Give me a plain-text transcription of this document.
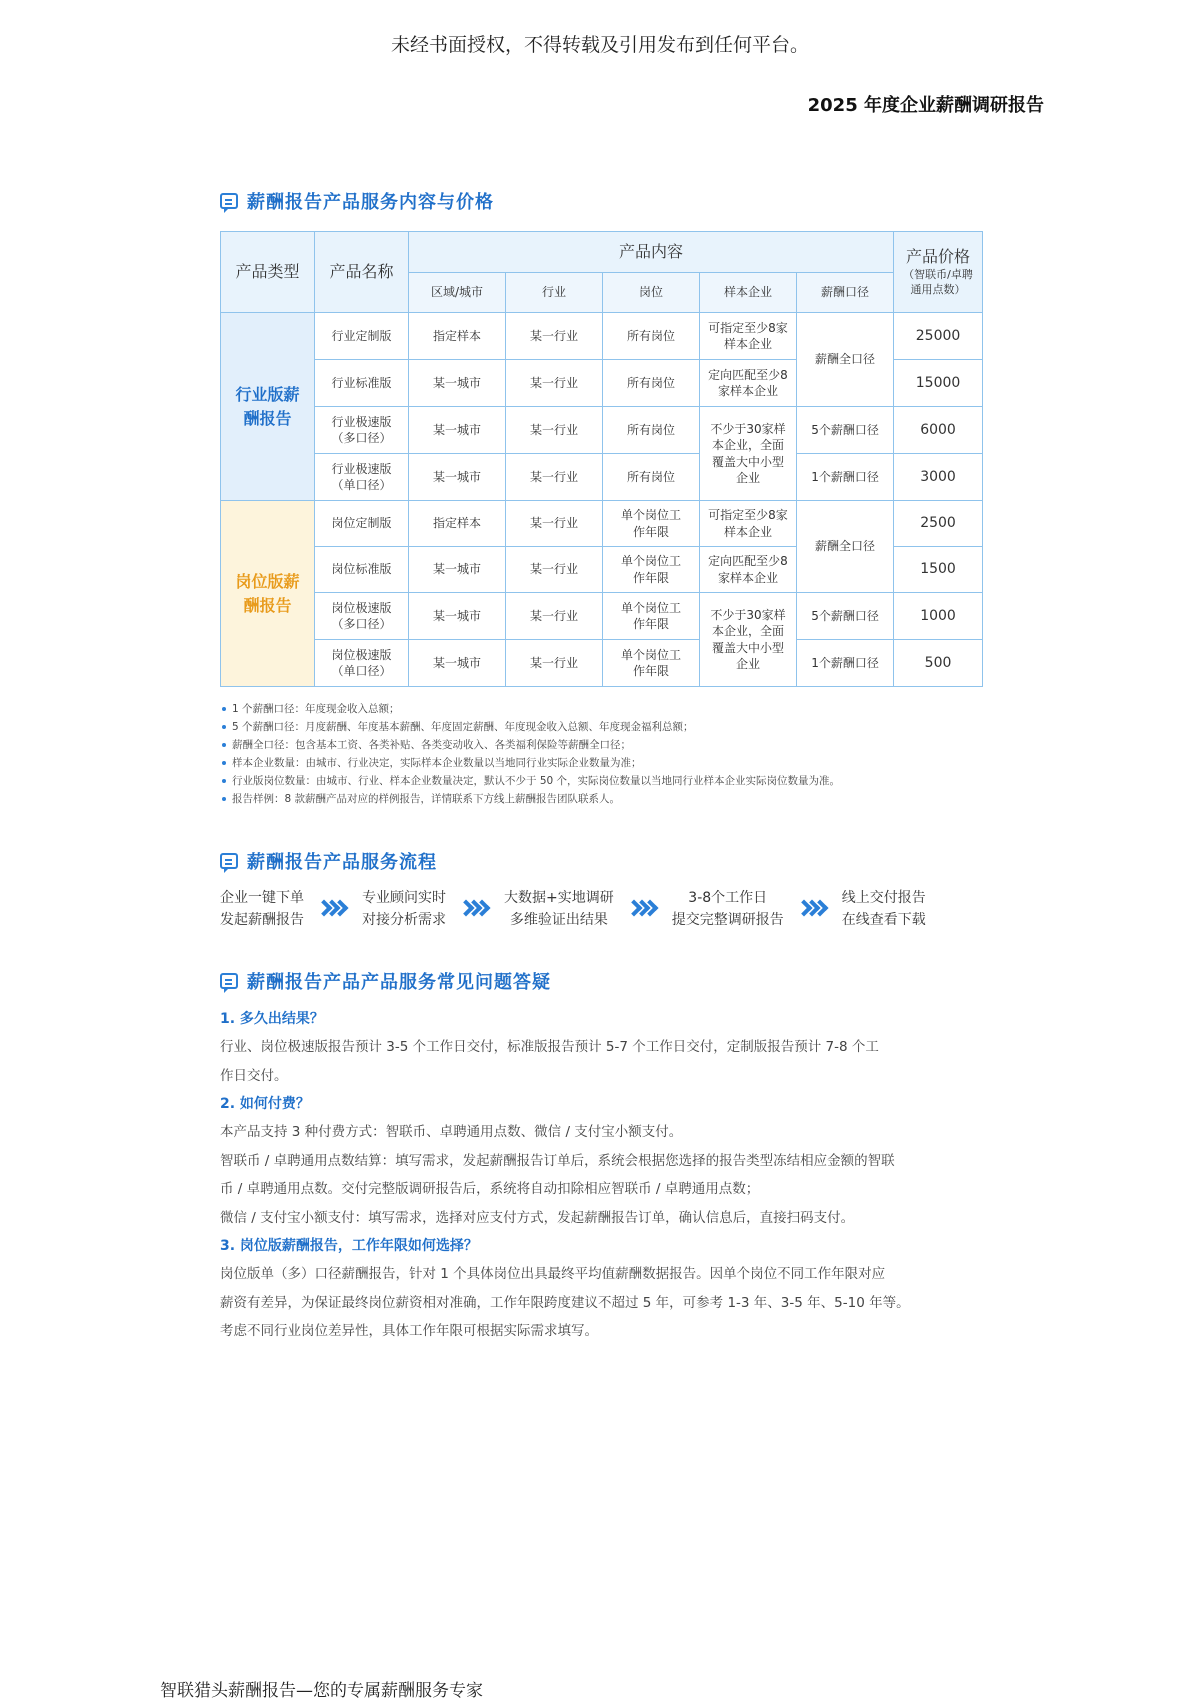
未经书面授权，不得转载及引用发布到任何平台。
2025 年度企业薪酬调研报告
薪酬报告产品服务内容与价格
产品类型	产品名称	产品内容					产品价格
（智联币/卓聘通用点数）

		区域/城市	行业	岗位	样本企业	薪酬口径	
行业版薪酬报告	行业定制版	指定样本	某一行业	所有岗位	可指定至少8家样本企业	薪酬全口径	25000
	行业标准版	某一城市	某一行业	所有岗位	定向匹配至少8家样本企业		15000
	行业极速版（多口径）	某一城市	某一行业	所有岗位	不少于30家样本企业，全面覆盖大中小型企业	5个薪酬口径	6000
	行业极速版（单口径）	某一城市	某一行业	所有岗位		1个薪酬口径	3000
岗位版薪酬报告	岗位定制版	指定样本	某一行业	单个岗位工作年限	可指定至少8家样本企业	薪酬全口径	2500
	岗位标准版	某一城市	某一行业	单个岗位工作年限	定向匹配至少8家样本企业		1500
	岗位极速版（多口径）	某一城市	某一行业	单个岗位工作年限	不少于30家样本企业，全面覆盖大中小型企业	5个薪酬口径	1000
	岗位极速版（单口径）	某一城市	某一行业	单个岗位工作年限		1个薪酬口径	500
1 个薪酬口径：年度现金收入总额；
5 个薪酬口径：月度薪酬、年度基本薪酬、年度固定薪酬、年度现金收入总额、年度现金福利总额；
薪酬全口径：包含基本工资、各类补贴、各类变动收入、各类福利保险等薪酬全口径；
样本企业数量：由城市、行业决定，实际样本企业数量以当地同行业实际企业数量为准；
行业版岗位数量：由城市、行业、样本企业数量决定，默认不少于 50 个，实际岗位数量以当地同行业样本企业实际岗位数量为准。
报告样例：8 款薪酬产品对应的样例报告，详情联系下方线上薪酬报告团队联系人。
薪酬报告产品服务流程
企业一键下单
发起薪酬报告
专业顾问实时
对接分析需求
大数据+实地调研
多维验证出结果
3-8个工作日
提交完整调研报告
线上交付报告
在线查看下载
薪酬报告产品产品服务常见问题答疑
1. 多久出结果？
行业、岗位极速版报告预计 3-5 个工作日交付，标准版报告预计 5-7 个工作日交付，定制版报告预计 7-8 个工
作日交付。
2. 如何付费？
本产品支持 3 种付费方式：智联币、卓聘通用点数、微信 / 支付宝小额支付。
智联币 / 卓聘通用点数结算：填写需求，发起薪酬报告订单后，系统会根据您选择的报告类型冻结相应金额的智联
币 / 卓聘通用点数。交付完整版调研报告后，系统将自动扣除相应智联币 / 卓聘通用点数；
微信 / 支付宝小额支付：填写需求，选择对应支付方式，发起薪酬报告订单，确认信息后，直接扫码支付。
3. 岗位版薪酬报告，工作年限如何选择？
岗位版单（多）口径薪酬报告，针对 1 个具体岗位出具最终平均值薪酬数据报告。因单个岗位不同工作年限对应
薪资有差异，为保证最终岗位薪资相对准确，工作年限跨度建议不超过 5 年，可参考 1-3 年、3-5 年、5-10 年等。
考虑不同行业岗位差异性，具体工作年限可根据实际需求填写。
智联猎头薪酬报告—您的专属薪酬服务专家
